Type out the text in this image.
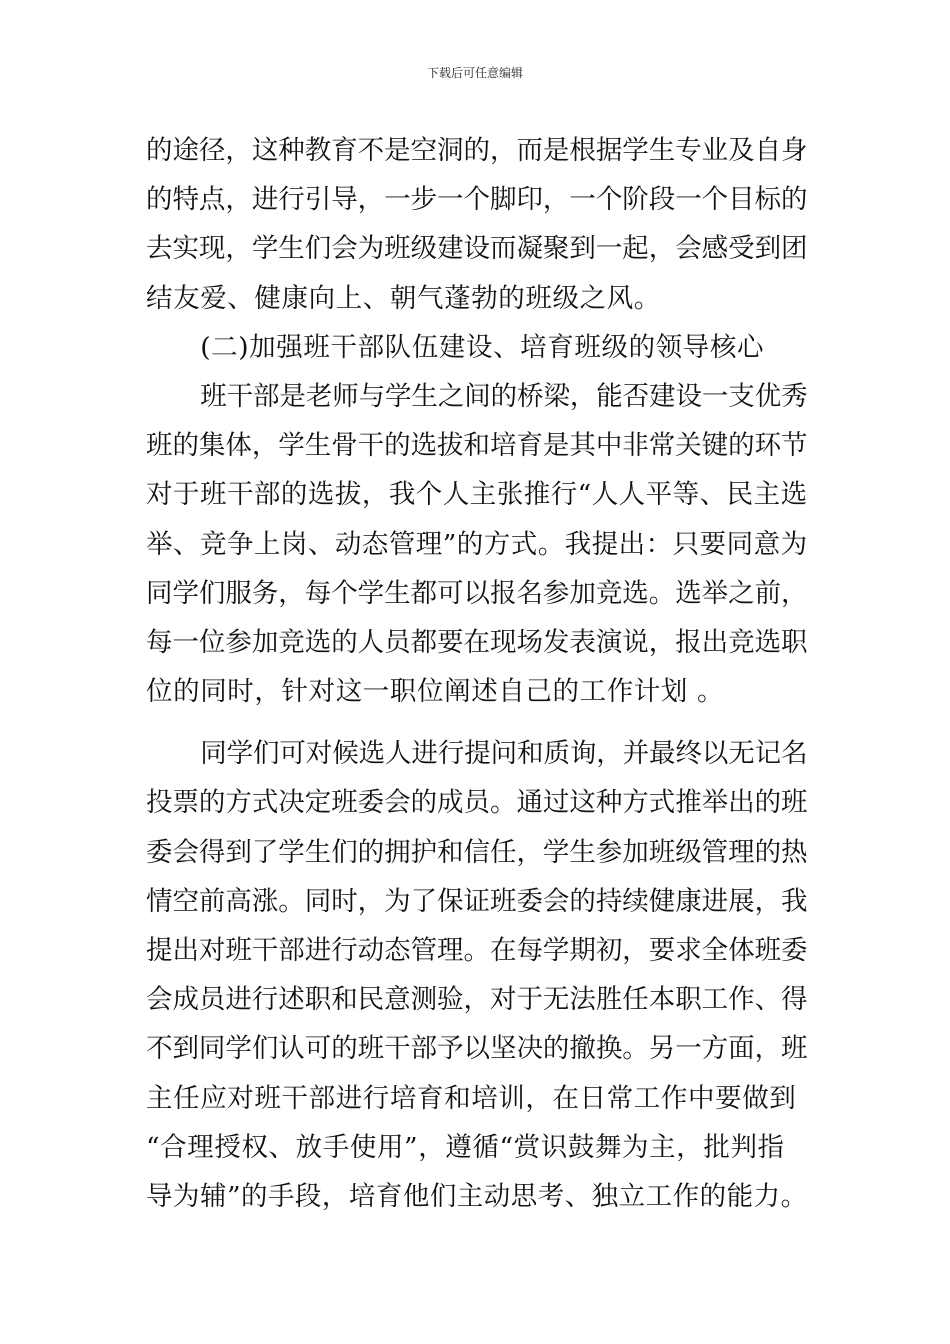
下载后可任意编辑
的途径，这种教育不是空洞的，而是根据学生专业及自身
的特点，进行引导，一步一个脚印，一个阶段一个目标的
去实现，学生们会为班级建设而凝聚到一起，会感受到团
结友爱、健康向上、朝气蓬勃的班级之风。
(二)加强班干部队伍建设、培育班级的领导核心
班干部是老师与学生之间的桥梁，能否建设一支优秀
班的集体，学生骨干的选拔和培育是其中非常关键的环节
对于班干部的选拔，我个人主张推行“人人平等、民主选
举、竞争上岗、动态管理”的方式。我提出：只要同意为
同学们服务，每个学生都可以报名参加竞选。选举之前，
每一位参加竞选的人员都要在现场发表演说，报出竞选职
位的同时，针对这一职位阐述自己的工作计划 。
同学们可对候选人进行提问和质询，并最终以无记名
投票的方式决定班委会的成员。通过这种方式推举出的班
委会得到了学生们的拥护和信任，学生参加班级管理的热
情空前高涨。同时，为了保证班委会的持续健康进展，我
提出对班干部进行动态管理。在每学期初，要求全体班委
会成员进行述职和民意测验，对于无法胜任本职工作、得
不到同学们认可的班干部予以坚决的撤换。另一方面，班
主任应对班干部进行培育和培训，在日常工作中要做到
“合理授权、放手使用”，遵循“赏识鼓舞为主，批判指
导为辅”的手段，培育他们主动思考、独立工作的能力。
